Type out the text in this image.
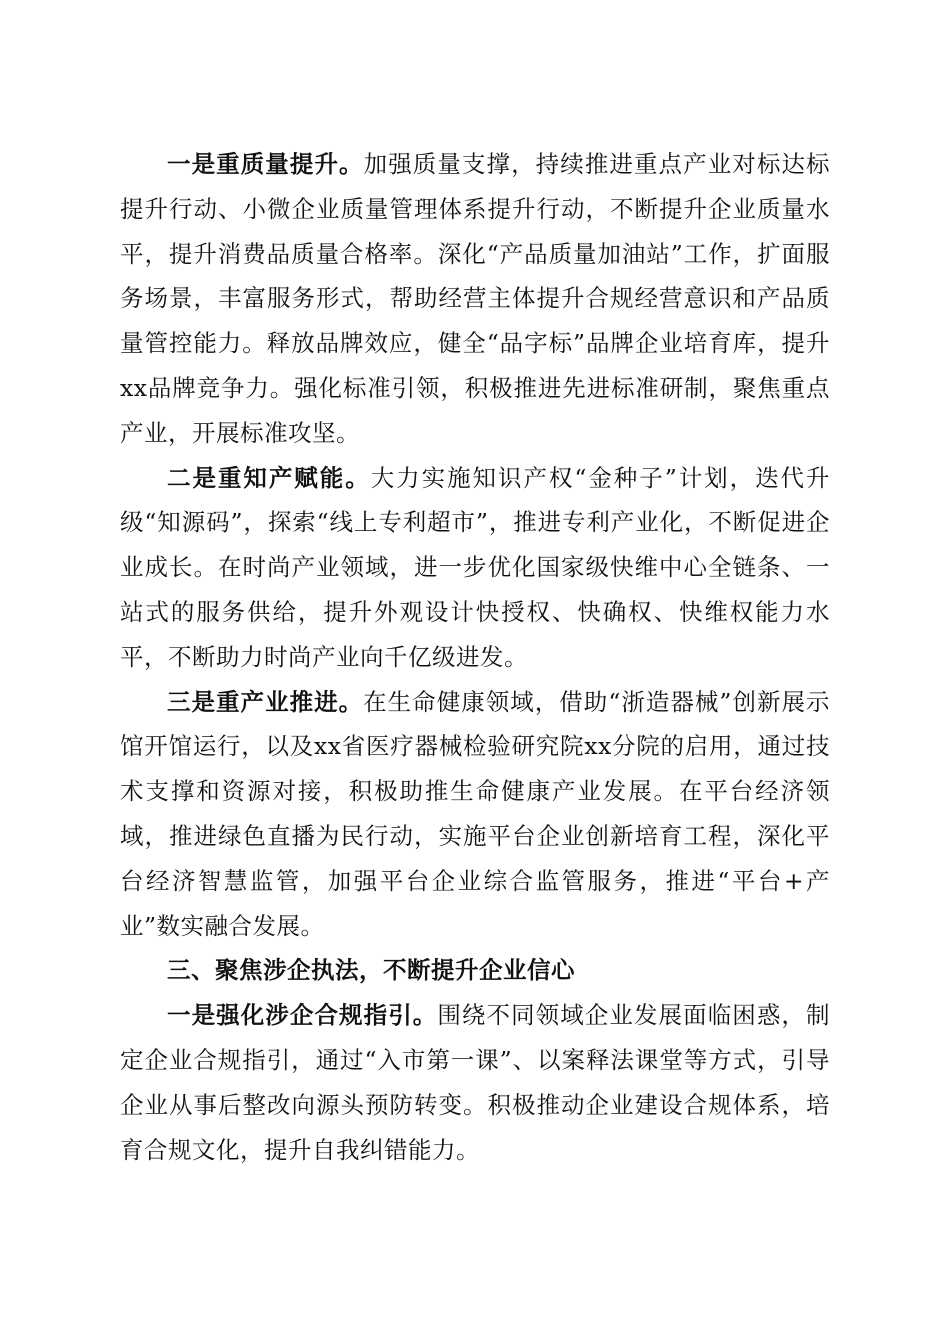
一是重质量提升。加强质量支撑，持续推进重点产业对标达标提升行动、小微企业质量管理体系提升行动，不断提升企业质量水平，提升消费品质量合格率。深化“产品质量加油站”工作，扩面服务场景，丰富服务形式，帮助经营主体提升合规经营意识和产品质量管控能力。释放品牌效应，健全“品字标”品牌企业培育库，提升xx品牌竞争力。强化标准引领，积极推进先进标准研制，聚焦重点产业，开展标准攻坚。

二是重知产赋能。大力实施知识产权“金种子”计划，迭代升级“知源码”，探索“线上专利超市”，推进专利产业化，不断促进企业成长。在时尚产业领域，进一步优化国家级快维中心全链条、一站式的服务供给，提升外观设计快授权、快确权、快维权能力水平，不断助力时尚产业向千亿级进发。

三是重产业推进。在生命健康领域，借助“浙造器械”创新展示馆开馆运行，以及xx省医疗器械检验研究院xx分院的启用，通过技术支撑和资源对接，积极助推生命健康产业发展。在平台经济领域，推进绿色直播为民行动，实施平台企业创新培育工程，深化平台经济智慧监管，加强平台企业综合监管服务，推进“平台+产业”数实融合发展。

三、聚焦涉企执法，不断提升企业信心

一是强化涉企合规指引。围绕不同领域企业发展面临困惑，制定企业合规指引，通过“入市第一课”、以案释法课堂等方式，引导企业从事后整改向源头预防转变。积极推动企业建设合规体系，培育合规文化，提升自我纠错能力。
